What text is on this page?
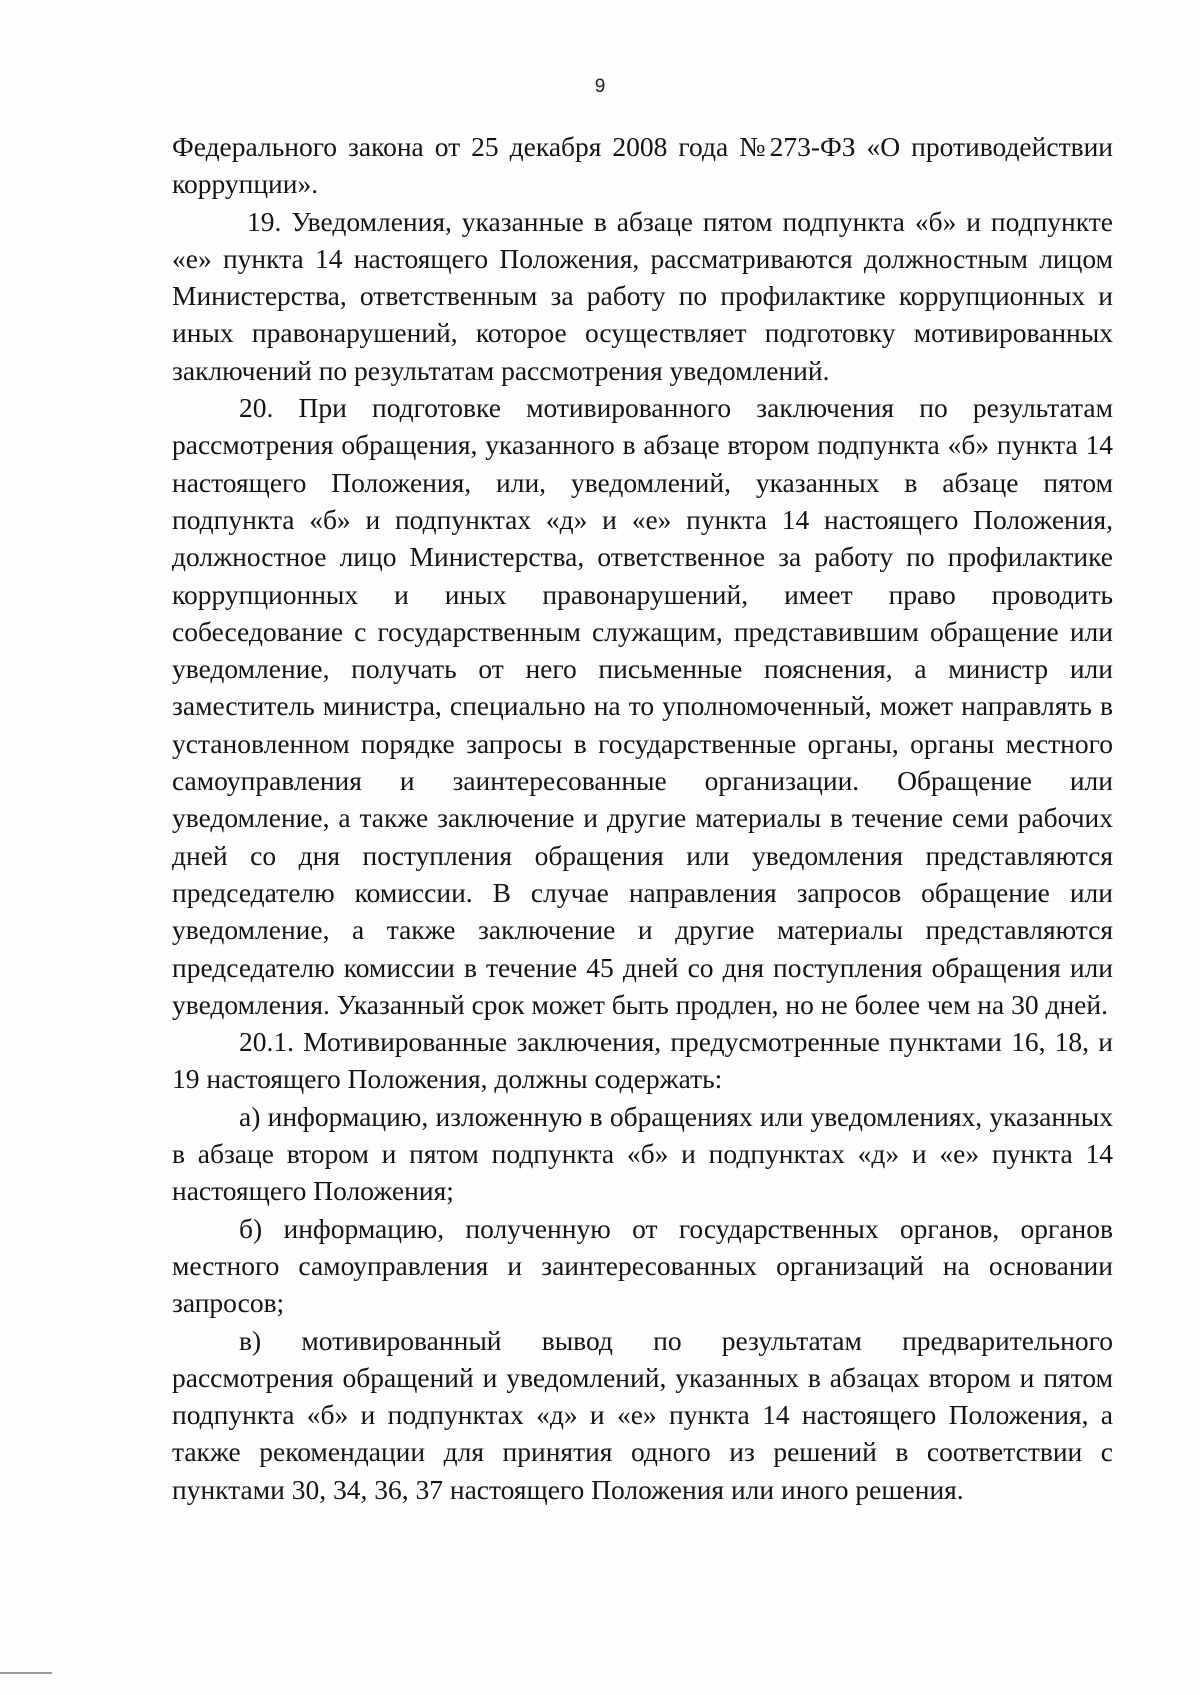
9

Федерального закона от 25 декабря 2008 года №273-ФЗ «О противодействии коррупции».

19. Уведомления, указанные в абзаце пятом подпункта «б» и подпункте «е» пункта 14 настоящего Положения, рассматриваются должностным лицом Министерства, ответственным за работу по профилактике коррупционных и иных правонарушений, которое осуществляет подготовку мотивированных заключений по результатам рассмотрения уведомлений.

20. При подготовке мотивированного заключения по результатам рассмотрения обращения, указанного в абзаце втором подпункта «б» пункта 14 настоящего Положения, или, уведомлений, указанных в абзаце пятом подпункта «б» и подпунктах «д» и «е» пункта 14 настоящего Положения, должностное лицо Министерства, ответственное за работу по профилактике коррупционных и иных правонарушений, имеет право проводить собеседование с государственным служащим, представившим обращение или уведомление, получать от него письменные пояснения, а министр или заместитель министра, специально на то уполномоченный, может направлять в установленном порядке запросы в государственные органы, органы местного самоуправления и заинтересованные организации. Обращение или уведомление, а также заключение и другие материалы в течение семи рабочих дней со дня поступления обращения или уведомления представляются председателю комиссии. В случае направления запросов обращение или уведомление, а также заключение и другие материалы представляются председателю комиссии в течение 45 дней со дня поступления обращения или уведомления. Указанный срок может быть продлен, но не более чем на 30 дней.

20.1. Мотивированные заключения, предусмотренные пунктами 16, 18, и 19 настоящего Положения, должны содержать:

а) информацию, изложенную в обращениях или уведомлениях, указанных в абзаце втором и пятом подпункта «б» и подпунктах «д» и «е» пункта 14 настоящего Положения;

б) информацию, полученную от государственных органов, органов местного самоуправления и заинтересованных организаций на основании запросов;

в) мотивированный вывод по результатам предварительного рассмотрения обращений и уведомлений, указанных в абзацах втором и пятом подпункта «б» и подпунктах «д» и «е» пункта 14 настоящего Положения, а также рекомендации для принятия одного из решений в соответствии с пунктами 30, 34, 36, 37 настоящего Положения или иного решения.
